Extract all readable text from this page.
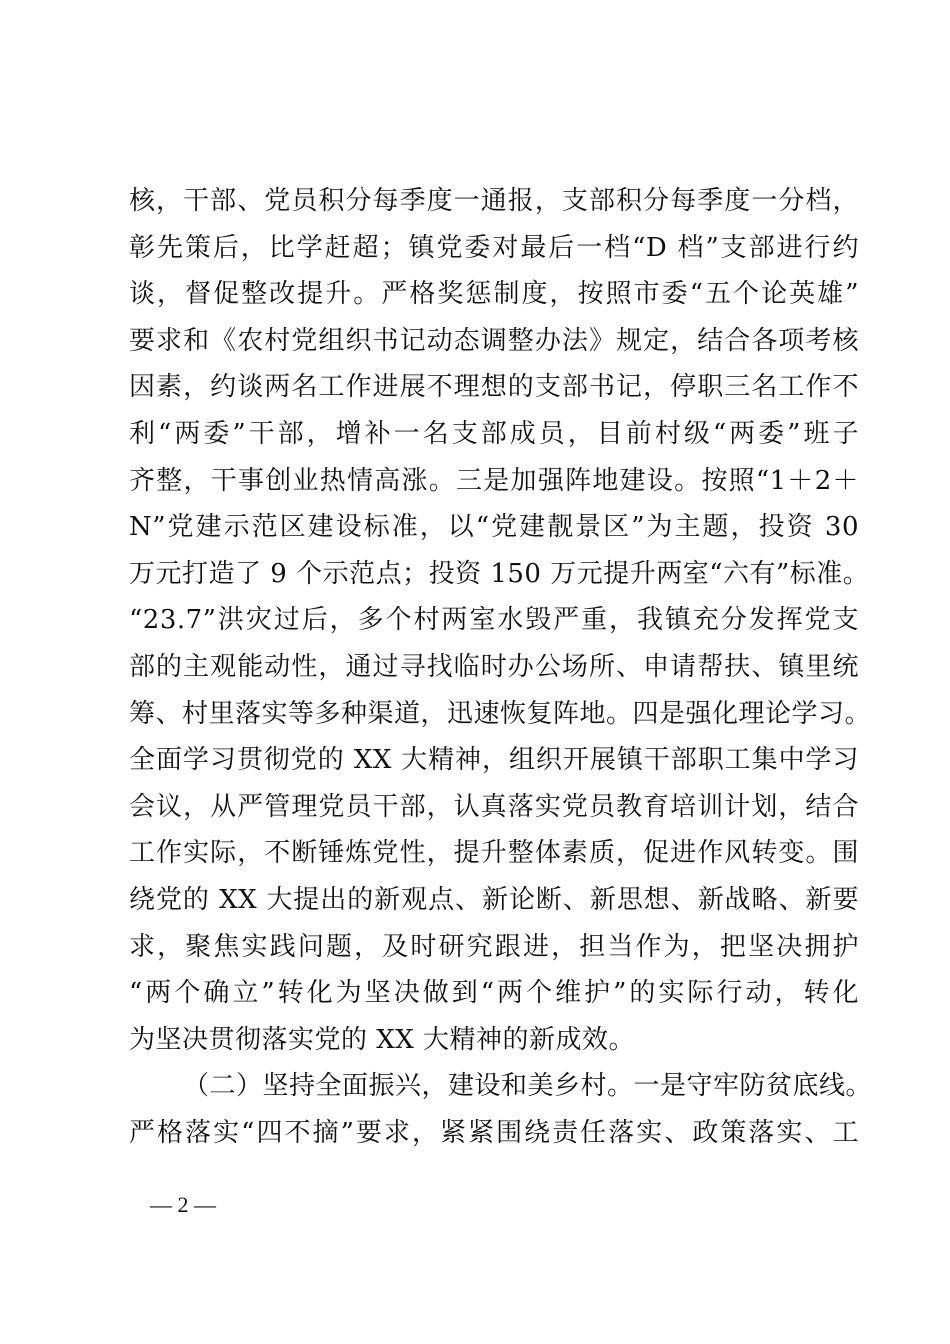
核，干部、党员积分每季度一通报，支部积分每季度一分档，
彰先策后，比学赶超；镇党委对最后一档“D 档”支部进行约
谈，督促整改提升。严格奖惩制度，按照市委“五个论英雄”
要求和《农村党组织书记动态调整办法》规定，结合各项考核
因素，约谈两名工作进展不理想的支部书记，停职三名工作不
利“两委”干部，增补一名支部成员，目前村级“两委”班子
齐整，干事创业热情高涨。三是加强阵地建设。按照“1＋2＋
N”党建示范区建设标准，以“党建靓景区”为主题，投资 30
万元打造了 9 个示范点；投资 150 万元提升两室“六有”标准。
“23.7”洪灾过后，多个村两室水毁严重，我镇充分发挥党支
部的主观能动性，通过寻找临时办公场所、申请帮扶、镇里统
筹、村里落实等多种渠道，迅速恢复阵地。四是强化理论学习。
全面学习贯彻党的 XX 大精神，组织开展镇干部职工集中学习
会议，从严管理党员干部，认真落实党员教育培训计划，结合
工作实际，不断锤炼党性，提升整体素质，促进作风转变。围
绕党的 XX 大提出的新观点、新论断、新思想、新战略、新要
求，聚焦实践问题，及时研究跟进，担当作为，把坚决拥护
“两个确立”转化为坚决做到“两个维护”的实际行动，转化
为坚决贯彻落实党的 XX 大精神的新成效。
（二）坚持全面振兴，建设和美乡村。一是守牢防贫底线。
严格落实“四不摘”要求，紧紧围绕责任落实、政策落实、工
— 2 —
